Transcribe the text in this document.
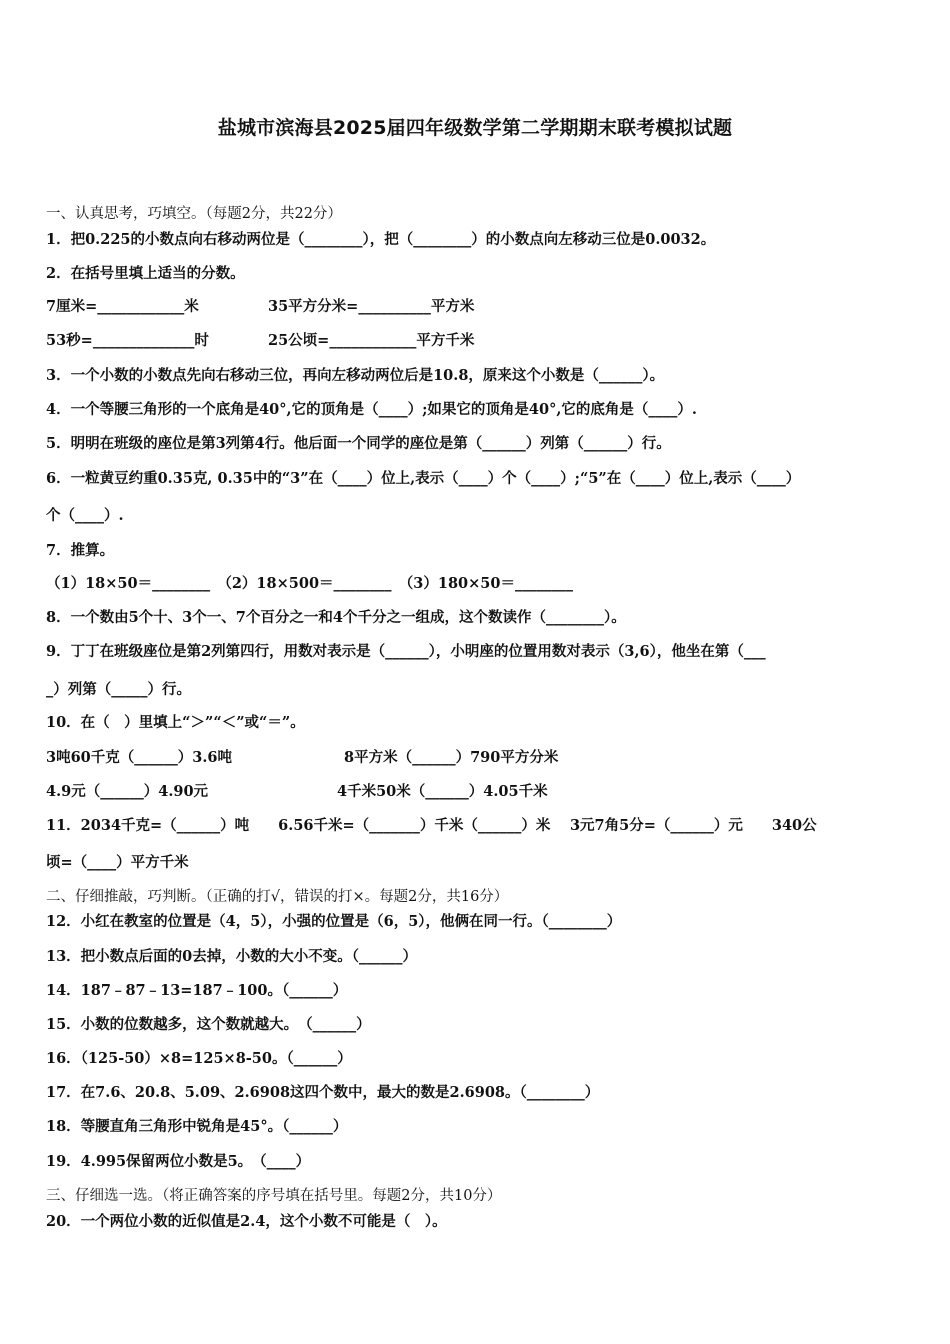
盐城市滨海县2025届四年级数学第二学期期末联考模拟试题
一、认真思考，巧填空。（每题2分，共22分）
1．把0.225的小数点向右移动两位是（________），把（________）的小数点向左移动三位是0.0032。
2．在括号里填上适当的分数。
7厘米=____________米	35平方分米=__________平方米
53秒=______________时	25公顷=____________平方千米
3．一个小数的小数点先向右移动三位，再向左移动两位后是10.8，原来这个小数是（______）。
4．一个等腰三角形的一个底角是40°,它的顶角是（____）;如果它的顶角是40°,它的底角是（____）.
5．明明在班级的座位是第3列第4行。他后面一个同学的座位是第（______）列第（______）行。
6．一粒黄豆约重0.35克, 0.35中的“3”在（____）位上,表示（____）个（____）;“5”在（____）位上,表示（____）
个（____）.
7．推算。
（1）18×50＝________　（2）18×500＝________　（3）180×50＝________
8．一个数由5个十、3个一、7个百分之一和4个千分之一组成，这个数读作（________）。
9．丁丁在班级座位是第2列第四行，用数对表示是（______），小明座的位置用数对表示（3,6），他坐在第（___
_）列第（_____）行。
10．在（　）里填上“＞”“＜”或“＝”。
3吨60千克（______）3.6吨	8平方米（______）790平方分米
4.9元（______）4.90元	4千米50米（______）4.05千米
11．2034千克=（______）吨　　6.56千米=（_______）千米（______）米　 3元7角5分=（______）元　　340公
顷=（____）平方千米
二、仔细推敲，巧判断。（正确的打√，错误的打×。每题2分，共16分）
12．小红在教室的位置是（4，5），小强的位置是（6，5），他俩在同一行。（________）
13．把小数点后面的0去掉，小数的大小不变。（______）
14．187﹣87﹣13=187﹣100。（______）
15．小数的位数越多，这个数就越大。　（______）
16．（125-50）×8=125×8-50。（______）
17．在7.6、20.8、5.09、2.6908这四个数中，最大的数是2.6908。（________）
18．等腰直角三角形中锐角是45°。（______）
19．4.995保留两位小数是5。　（____）
三、仔细选一选。（将正确答案的序号填在括号里。每题2分，共10分）
20．一个两位小数的近似值是2.4，这个小数不可能是（　）。
